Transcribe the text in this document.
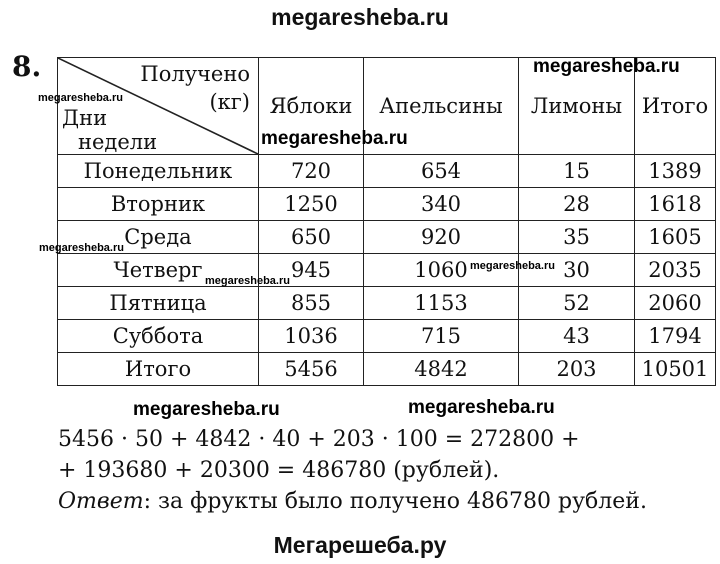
megaresheba.ru
8.	Получено
(кг)
Дни
недели	Яблоки	Апельсины	Лимоны	Итого
Понедельник	720	654	15	1389
Вторник	1250	340	28	1618
Среда	650	920	35	1605
Четверг	945	1060	30	2035
Пятница	855	1153	52	2060
Суббота	1036	715	43	1794
Итого	5456	4842	203	10501
megaresheba.ru
megaresheba.ru
megaresheba.ru
megaresheba.ru
megaresheba.ru
megaresheba.ru
megaresheba.ru	megaresheba.ru
5456 · 50 + 4842 · 40 + 203 · 100 = 272800 +
+ 193680 + 20300 = 486780 (рублей).
Ответ: за фрукты было получено 486780 рублей.
Мегарешеба.ру
